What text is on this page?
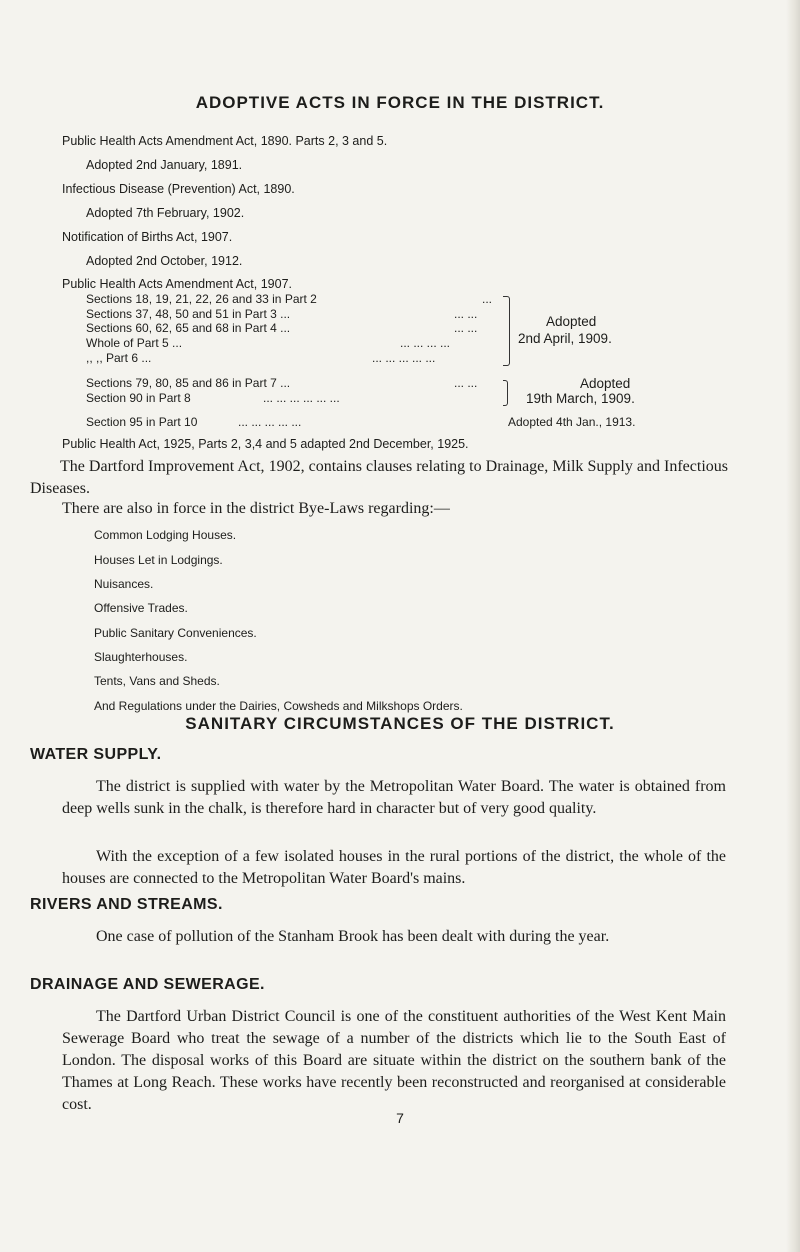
ADOPTIVE ACTS IN FORCE IN THE DISTRICT.
Public Health Acts Amendment Act, 1890. Parts 2, 3 and 5.
Adopted 2nd January, 1891.
Infectious Disease (Prevention) Act, 1890.
Adopted 7th February, 1902.
Notification of Births Act, 1907.
Adopted 2nd October, 1912.
Public Health Acts Amendment Act, 1907.
Sections 18, 19, 21, 22, 26 and 33 in Part 2	...
Sections 37, 48, 50 and 51 in Part 3 ...	... ...
Sections 60, 62, 65 and 68 in Part 4 ...	... ...
Whole of Part 5 ...	... ... ... ...
,, ,, Part 6 ...	... ... ... ... ...
Adopted
2nd April, 1909.
Sections 79, 80, 85 and 86 in Part 7 ...	... ...
Section 90 in Part 8	... ... ... ... ... ...
Adopted
19th March, 1909.
Section 95 in Part 10	... ... ... ... ...	Adopted 4th Jan., 1913.
Public Health Act, 1925, Parts 2, 3,4 and 5 adapted 2nd December, 1925.
The Dartford Improvement Act, 1902, contains clauses relating to Drainage, Milk Supply and Infectious Diseases.
There are also in force in the district Bye-Laws regarding:—
Common Lodging Houses.
Houses Let in Lodgings.
Nuisances.
Offensive Trades.
Public Sanitary Conveniences.
Slaughterhouses.
Tents, Vans and Sheds.
And Regulations under the Dairies, Cowsheds and Milkshops Orders.
SANITARY CIRCUMSTANCES OF THE DISTRICT.
WATER SUPPLY.
The district is supplied with water by the Metropolitan Water Board. The water is obtained from deep wells sunk in the chalk, is therefore hard in character but of very good quality.
With the exception of a few isolated houses in the rural portions of the district, the whole of the houses are connected to the Metropolitan Water Board's mains.
RIVERS AND STREAMS.
One case of pollution of the Stanham Brook has been dealt with during the year.
DRAINAGE AND SEWERAGE.
The Dartford Urban District Council is one of the constituent authorities of the West Kent Main Sewerage Board who treat the sewage of a number of the districts which lie to the South East of London. The disposal works of this Board are situate within the district on the southern bank of the Thames at Long Reach. These works have recently been reconstructed and reorganised at considerable cost.
7
